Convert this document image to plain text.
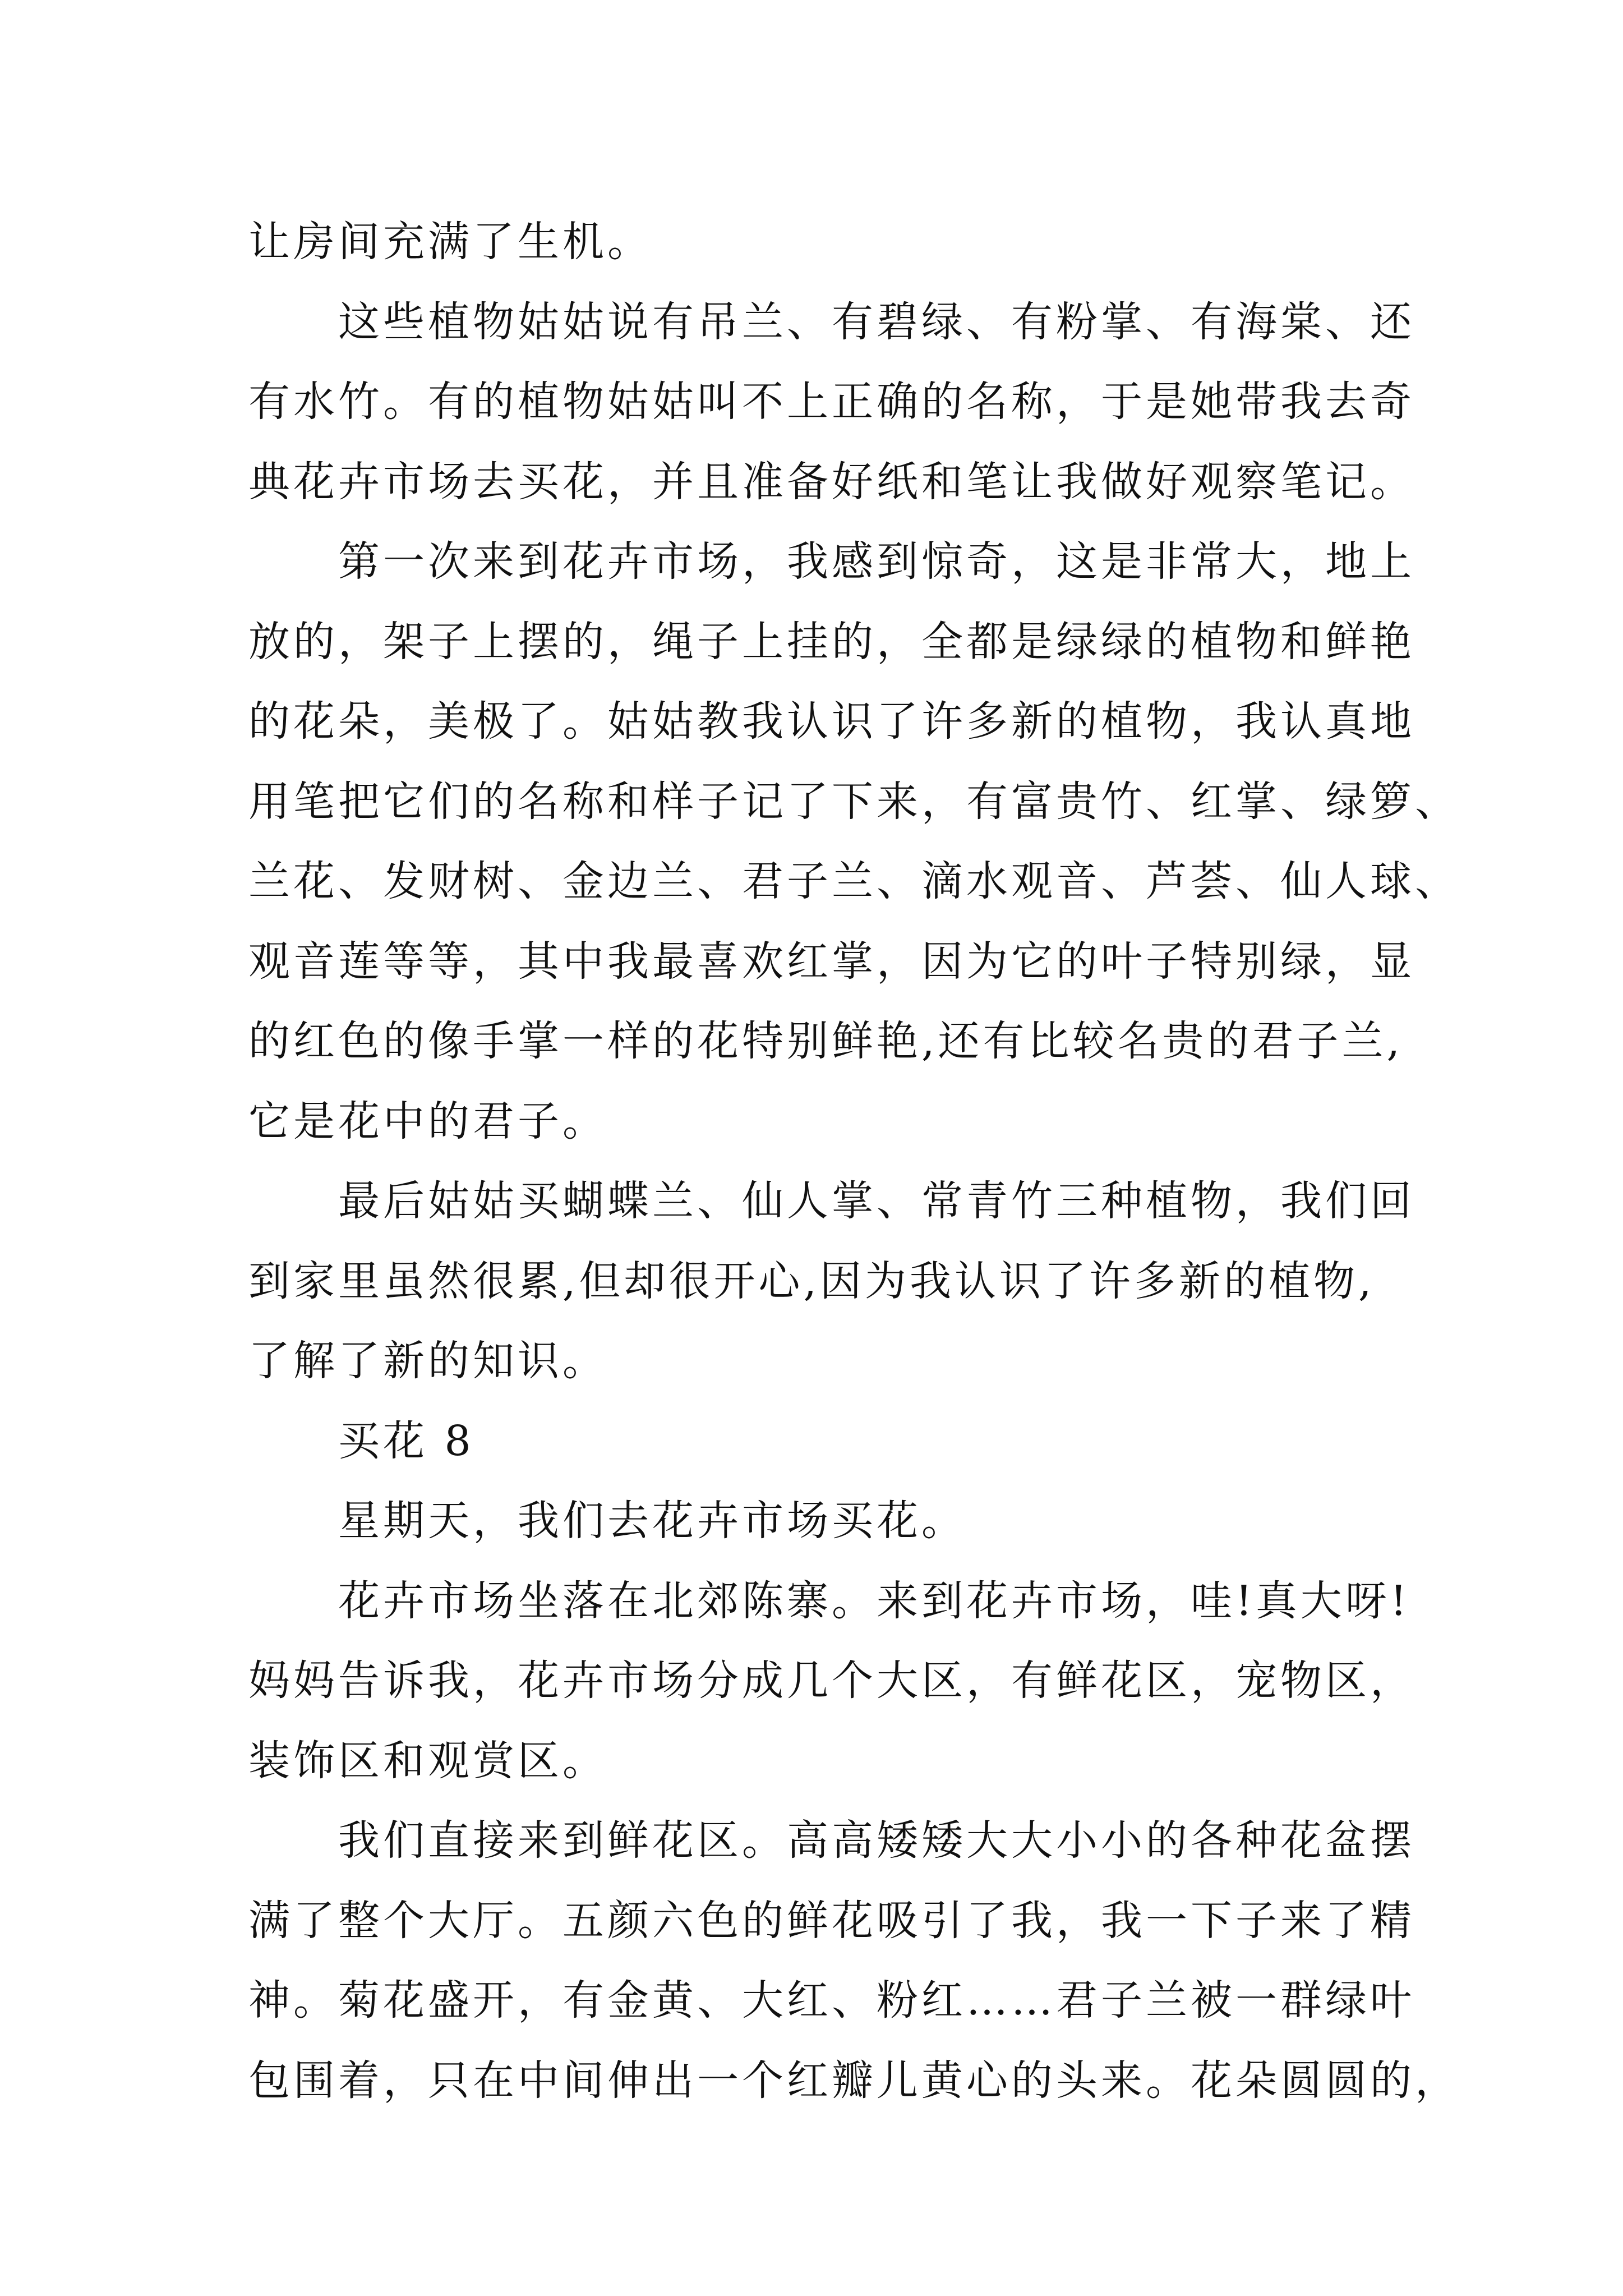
让房间充满了生机。
这些植物姑姑说有吊兰、有碧绿、有粉掌、有海棠、还
有水竹。有的植物姑姑叫不上正确的名称，于是她带我去奇
典花卉市场去买花，并且准备好纸和笔让我做好观察笔记。
第一次来到花卉市场，我感到惊奇，这是非常大，地上
放的，架子上摆的，绳子上挂的，全都是绿绿的植物和鲜艳
的花朵，美极了。姑姑教我认识了许多新的植物，我认真地
用笔把它们的名称和样子记了下来，有富贵竹、红掌、绿箩、
兰花、发财树、金边兰、君子兰、滴水观音、芦荟、仙人球、
观音莲等等，其中我最喜欢红掌，因为它的叶子特别绿，显
的红色的像手掌一样的花特别鲜艳,还有比较名贵的君子兰,
它是花中的君子。
最后姑姑买蝴蝶兰、仙人掌、常青竹三种植物，我们回
到家里虽然很累,但却很开心,因为我认识了许多新的植物,
了解了新的知识。
买花 8
星期天，我们去花卉市场买花。
花卉市场坐落在北郊陈寨。来到花卉市场，哇!真大呀!
妈妈告诉我，花卉市场分成几个大区，有鲜花区，宠物区，
装饰区和观赏区。
我们直接来到鲜花区。高高矮矮大大小小的各种花盆摆
满了整个大厅。五颜六色的鲜花吸引了我，我一下子来了精
神。菊花盛开，有金黄、大红、粉红……君子兰被一群绿叶
包围着，只在中间伸出一个红瓣儿黄心的头来。花朵圆圆的，
